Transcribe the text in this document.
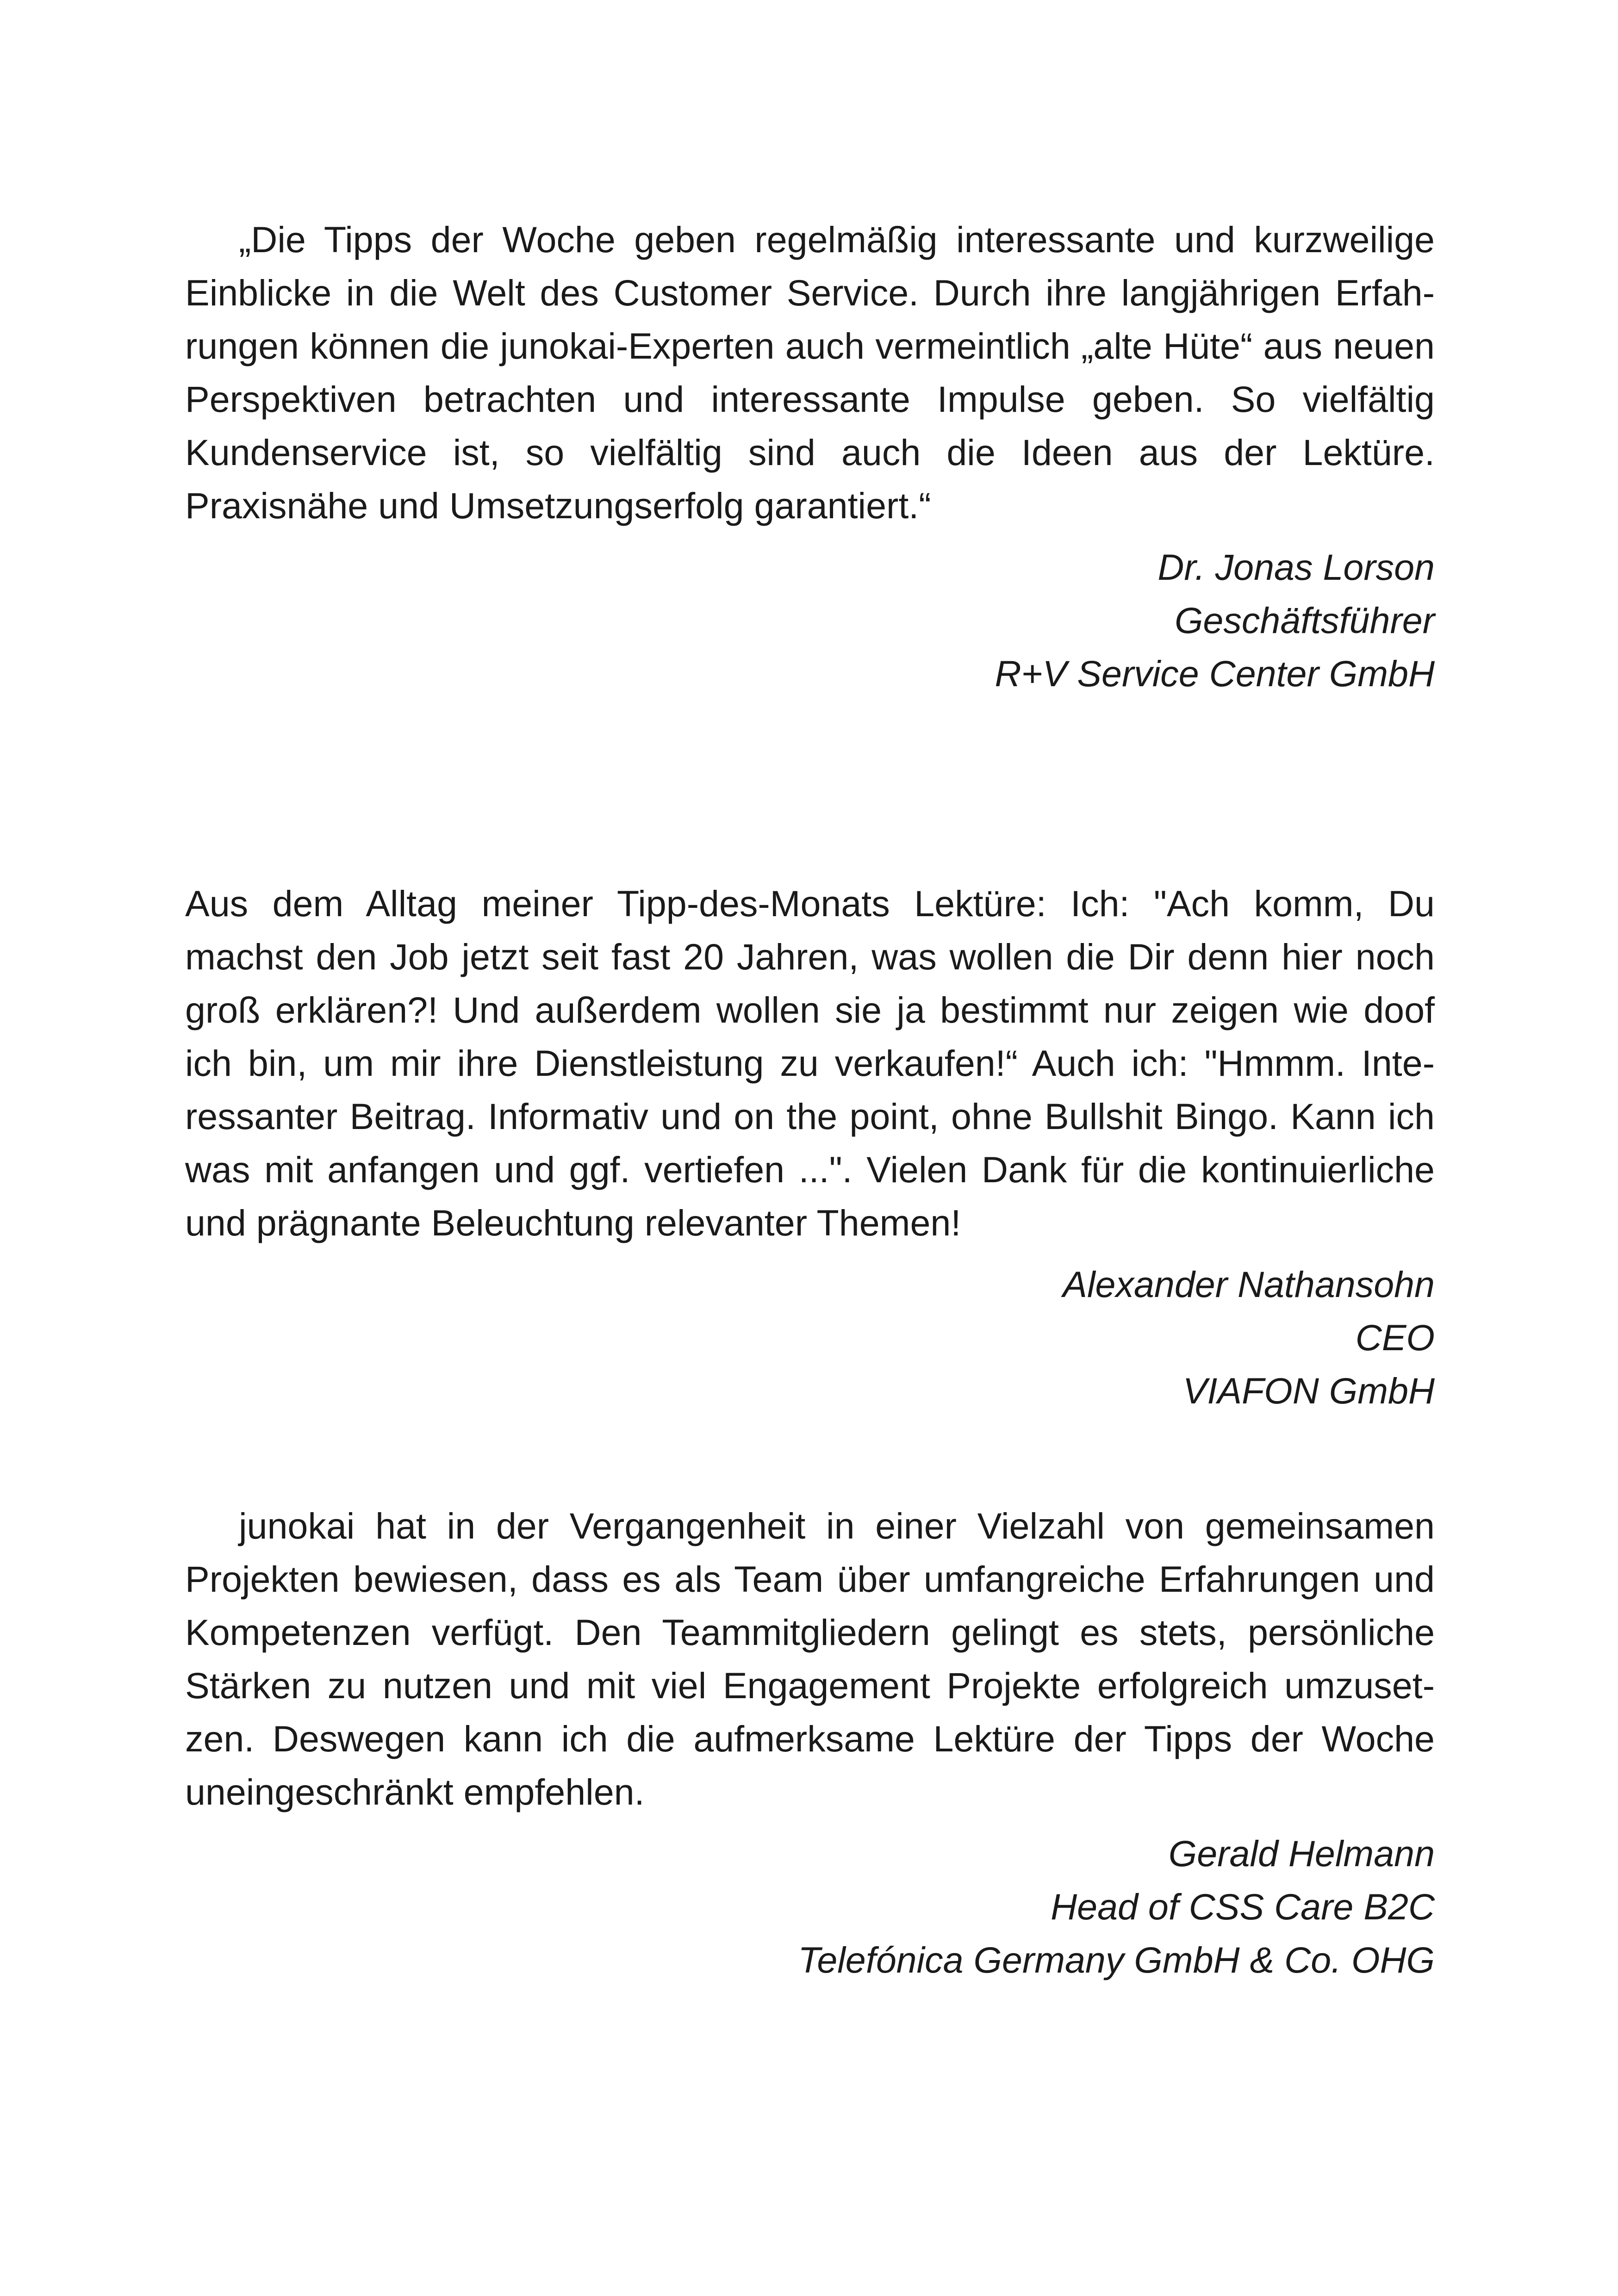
„Die Tipps der Woche geben regelmäßig interessante und kurzweilige Einblicke in die Welt des Customer Service. Durch ihre langjährigen Erfahrungen können die junokai-Experten auch vermeintlich „alte Hüte“ aus neuen Perspektiven betrachten und interessante Impulse geben. So vielfältig Kundenservice ist, so vielfältig sind auch die Ideen aus der Lektüre. Praxisnähe und Umsetzungserfolg garantiert.“

Dr. Jonas Lorson
Geschäftsführer
R+V Service Center GmbH

Aus dem Alltag meiner Tipp-des-Monats Lektüre: Ich: "Ach komm, Du machst den Job jetzt seit fast 20 Jahren, was wollen die Dir denn hier noch groß erklären?! Und außerdem wollen sie ja bestimmt nur zeigen wie doof ich bin, um mir ihre Dienstleistung zu verkaufen!“ Auch ich: "Hmmm. Interessanter Beitrag. Informativ und on the point, ohne Bullshit Bingo. Kann ich was mit anfangen und ggf. vertiefen ...". Vielen Dank für die kontinuierliche und prägnante Beleuchtung relevanter Themen!

Alexander Nathansohn
CEO
VIAFON GmbH

junokai hat in der Vergangenheit in einer Vielzahl von gemeinsamen Projekten bewiesen, dass es als Team über umfangreiche Erfahrungen und Kompetenzen verfügt. Den Teammitgliedern gelingt es stets, persönliche Stärken zu nutzen und mit viel Engagement Projekte erfolgreich umzusetzen. Deswegen kann ich die aufmerksame Lektüre der Tipps der Woche uneingeschränkt empfehlen.

Gerald Helmann
Head of CSS Care B2C
Telefónica Germany GmbH & Co. OHG
